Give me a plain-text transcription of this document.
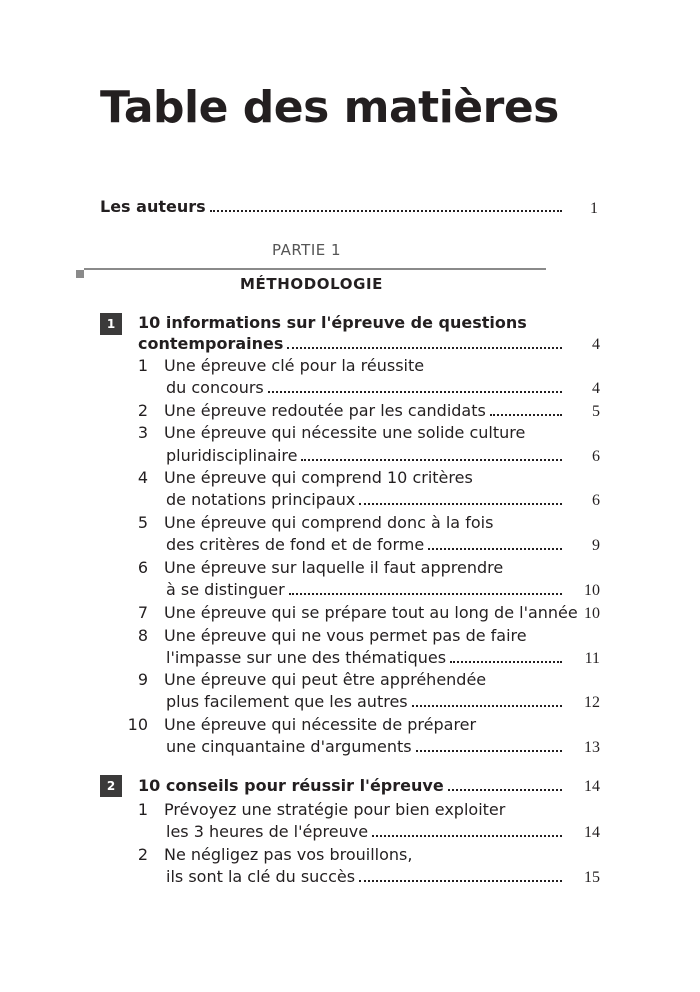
Table des matières
Les auteurs	1
PARTIE 1
MÉTHODOLOGIE
1	10 informations sur l'épreuve de questions
contemporaines	4
1 Une épreuve clé pour la réussite
du concours	4
2 Une épreuve redoutée par les candidats	5
3 Une épreuve qui nécessite une solide culture
pluridisciplinaire	6
4 Une épreuve qui comprend 10 critères
de notations principaux	6
5 Une épreuve qui comprend donc à la fois
des critères de fond et de forme	9
6 Une épreuve sur laquelle il faut apprendre
à se distinguer	10
7 Une épreuve qui se prépare tout au long de l'année 10
8 Une épreuve qui ne vous permet pas de faire
l'impasse sur une des thématiques	11
9 Une épreuve qui peut être appréhendée
plus facilement que les autres	12
10 Une épreuve qui nécessite de préparer
une cinquantaine d'arguments	13
2	10 conseils pour réussir l'épreuve	14
1 Prévoyez une stratégie pour bien exploiter
les 3 heures de l'épreuve	14
2 Ne négligez pas vos brouillons,
ils sont la clé du succès	15
